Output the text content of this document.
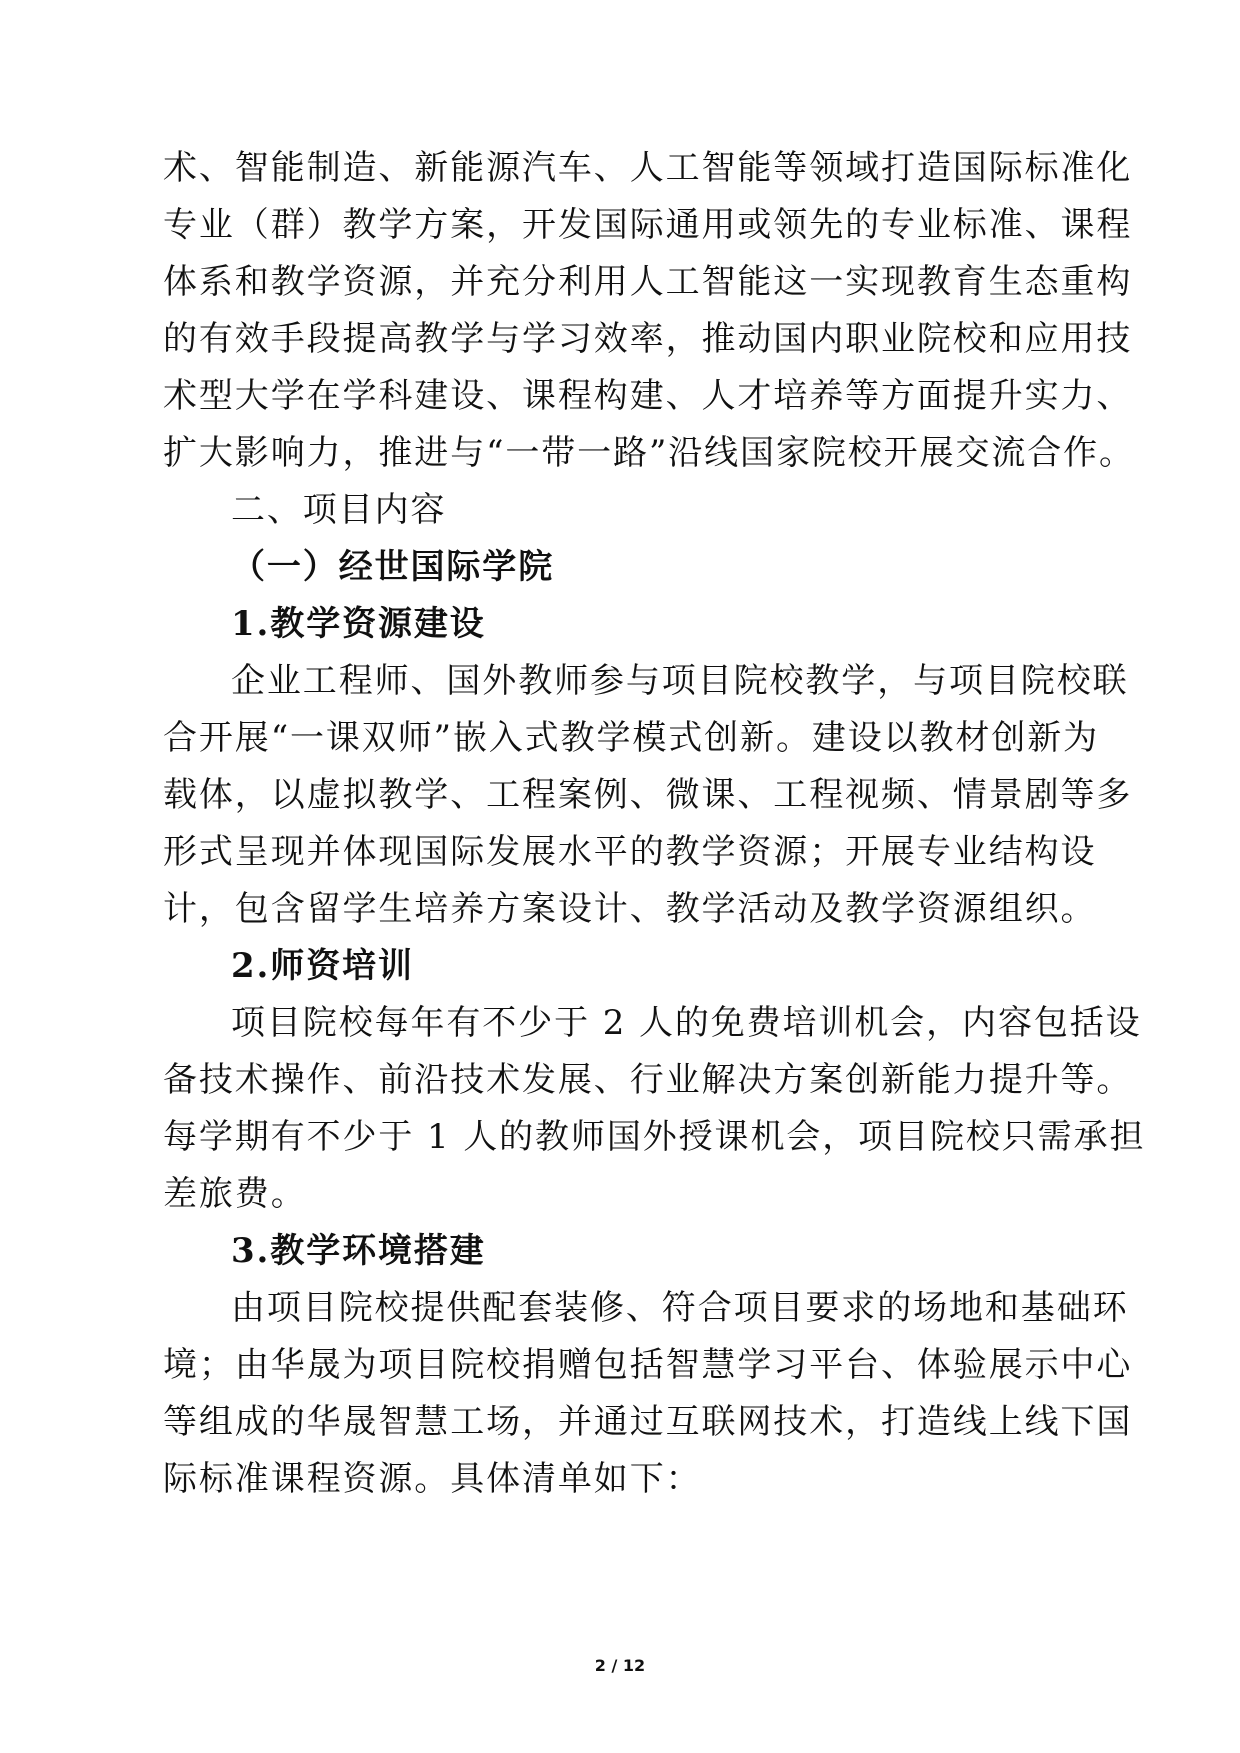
术、智能制造、新能源汽车、人工智能等领域打造国际标准化

专业（群）教学方案，开发国际通用或领先的专业标准、课程

体系和教学资源，并充分利用人工智能这一实现教育生态重构

的有效手段提高教学与学习效率，推动国内职业院校和应用技

术型大学在学科建设、课程构建、人才培养等方面提升实力、

扩大影响力，推进与“一带一路”沿线国家院校开展交流合作。

二、项目内容

（一）经世国际学院

1.教学资源建设

企业工程师、国外教师参与项目院校教学，与项目院校联

合开展“一课双师”嵌入式教学模式创新。建设以教材创新为

载体，以虚拟教学、工程案例、微课、工程视频、情景剧等多

形式呈现并体现国际发展水平的教学资源；开展专业结构设

计，包含留学生培养方案设计、教学活动及教学资源组织。

2.师资培训

项目院校每年有不少于 2 人的免费培训机会，内容包括设

备技术操作、前沿技术发展、行业解决方案创新能力提升等。

每学期有不少于 1 人的教师国外授课机会，项目院校只需承担

差旅费。

3.教学环境搭建

由项目院校提供配套装修、符合项目要求的场地和基础环

境；由华晟为项目院校捐赠包括智慧学习平台、体验展示中心

等组成的华晟智慧工场，并通过互联网技术，打造线上线下国

际标准课程资源。具体清单如下：

2 / 12
